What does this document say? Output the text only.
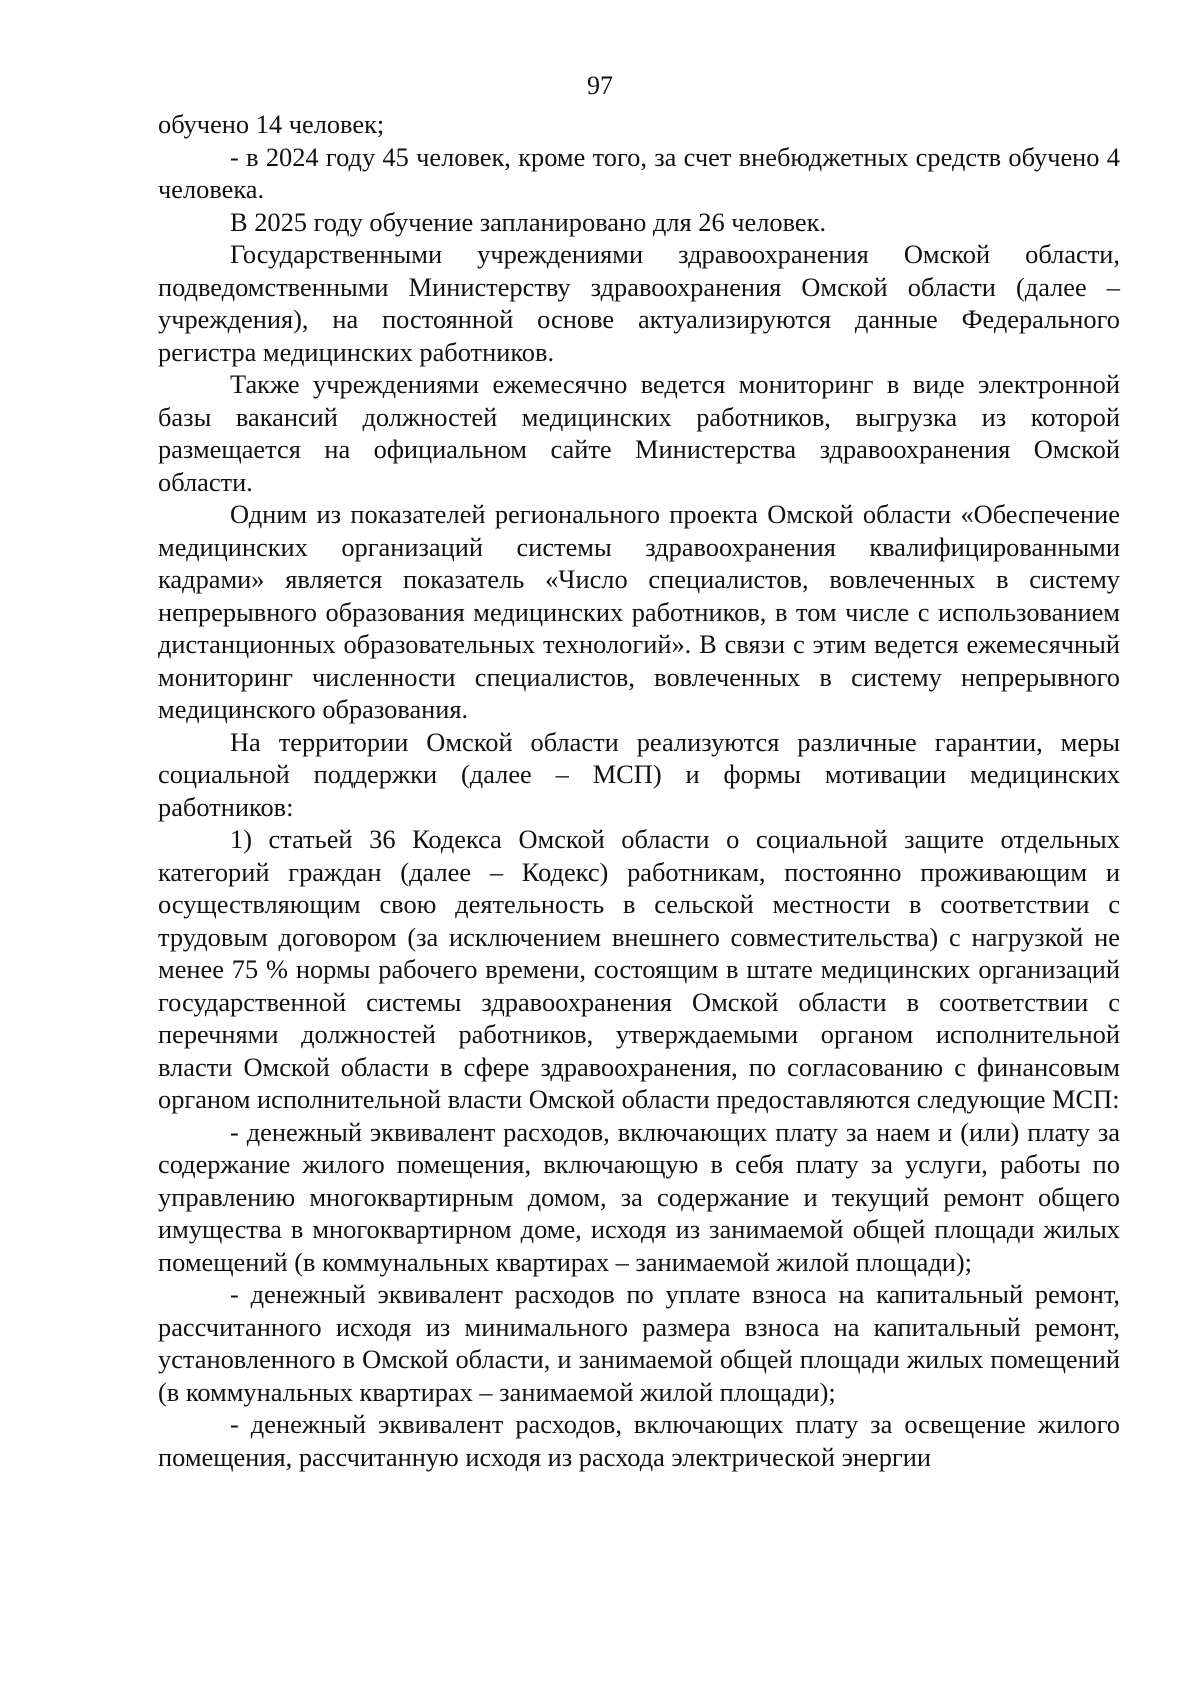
97

обучено 14 человек;

- в 2024 году 45 человек, кроме того, за счет внебюджетных средств обучено 4 человека.

В 2025 году обучение запланировано для 26 человек.

Государственными учреждениями здравоохранения Омской области, подведомственными Министерству здравоохранения Омской области (далее – учреждения), на постоянной основе актуализируются данные Федерального регистра медицинских работников.

Также учреждениями ежемесячно ведется мониторинг в виде электронной базы вакансий должностей медицинских работников, выгрузка из которой размещается на официальном сайте Министерства здравоохранения Омской области.

Одним из показателей регионального проекта Омской области «Обеспечение медицинских организаций системы здравоохранения квалифицированными кадрами» является показатель «Число специалистов, вовлеченных в систему непрерывного образования медицинских работников, в том числе с использованием дистанционных образовательных технологий». В связи с этим ведется ежемесячный мониторинг численности специалистов, вовлеченных в систему непрерывного медицинского образования.

На территории Омской области реализуются различные гарантии, меры социальной поддержки (далее – МСП) и формы мотивации медицинских работников:

1) статьей 36 Кодекса Омской области о социальной защите отдельных категорий граждан (далее – Кодекс) работникам, постоянно проживающим и осуществляющим свою деятельность в сельской местности в соответствии с трудовым договором (за исключением внешнего совместительства) с нагрузкой не менее 75 % нормы рабочего времени, состоящим в штате медицинских организаций государственной системы здравоохранения Омской области в соответствии с перечнями должностей работников, утверждаемыми органом исполнительной власти Омской области в сфере здравоохранения, по согласованию с финансовым органом исполнительной власти Омской области предоставляются следующие МСП:

- денежный эквивалент расходов, включающих плату за наем и (или) плату за содержание жилого помещения, включающую в себя плату за услуги, работы по управлению многоквартирным домом, за содержание и текущий ремонт общего имущества в многоквартирном доме, исходя из занимаемой общей площади жилых помещений (в коммунальных квартирах – занимаемой жилой площади);

- денежный эквивалент расходов по уплате взноса на капитальный ремонт, рассчитанного исходя из минимального размера взноса на капитальный ремонт, установленного в Омской области, и занимаемой общей площади жилых помещений (в коммунальных квартирах – занимаемой жилой площади);

- денежный эквивалент расходов, включающих плату за освещение жилого помещения, рассчитанную исходя из расхода электрической энергии
